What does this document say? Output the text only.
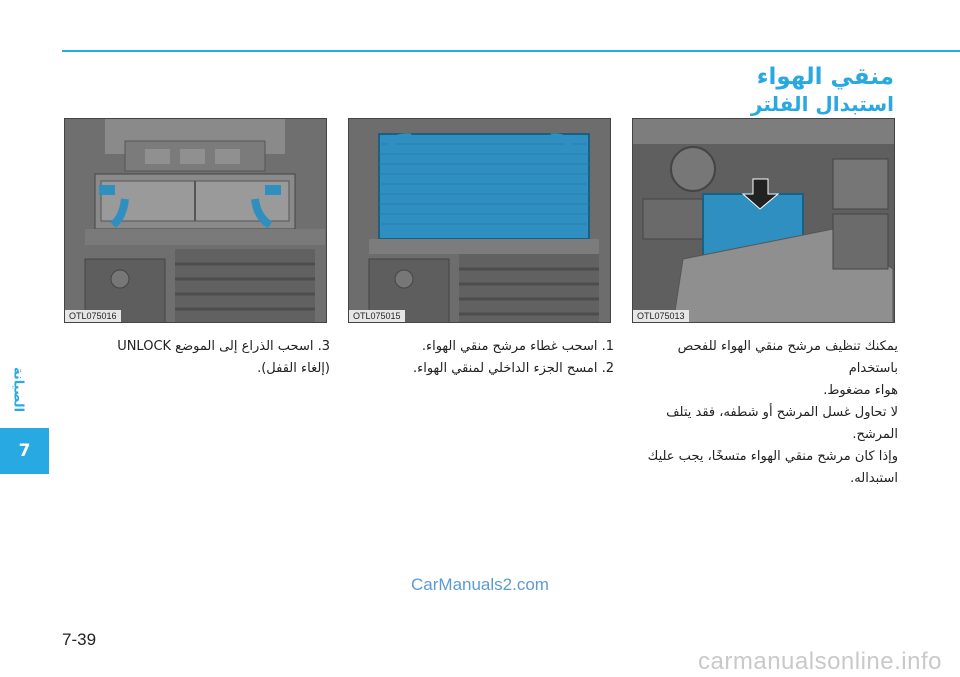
منقي الهواء
استبدال الفلتر
OTL075016	OTL075015	OTL075013

يمكنك تنظيف مرشح منقي الهواء للفحص باستخدام

هواء مضغوط.

لا تحاول غسل المرشح أو شطفه، فقد يتلف المرشح.

وإذا كان مرشح منقي الهواء متسخًا، يجب عليك

استبداله.

1. اسحب غطاء مرشح منقي الهواء.

2. امسح الجزء الداخلي لمنقي الهواء.

3. اسحب الذراع إلى الموضع UNLOCK

(إلغاء القفل).

الصيانة
7
CarManuals2.com
7-39
carmanualsonline.info
